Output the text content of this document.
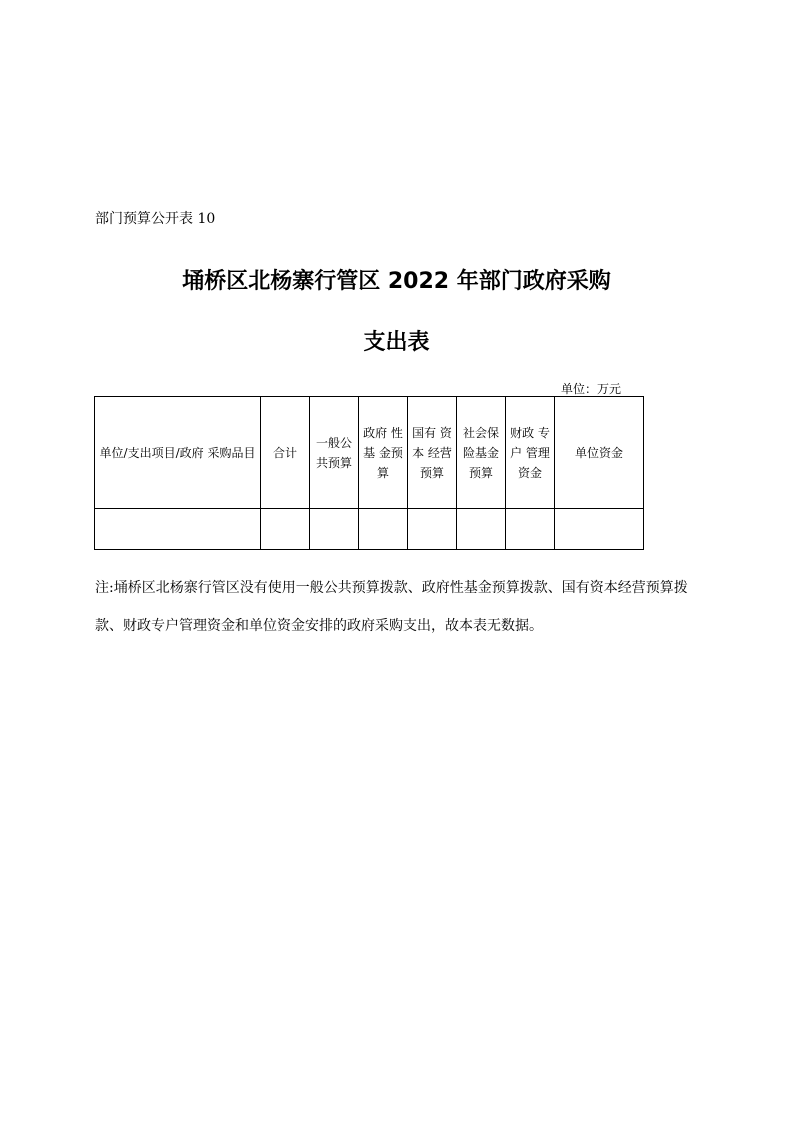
部门预算公开表 10
埇桥区北杨寨行管区 2022 年部门政府采购
支出表
单位：万元
单位/支出项目/政府 采购品目	合计	一般公共预算	政府 性基 金预算	国有 资本 经营预算	社会保险基金预算	财政 专户 管理资金	单位资金

注:埇桥区北杨寨行管区没有使用一般公共预算拨款、政府性基金预算拨款、国有资本经营预算拨款、财政专户管理资金和单位资金安排的政府采购支出，故本表无数据。
